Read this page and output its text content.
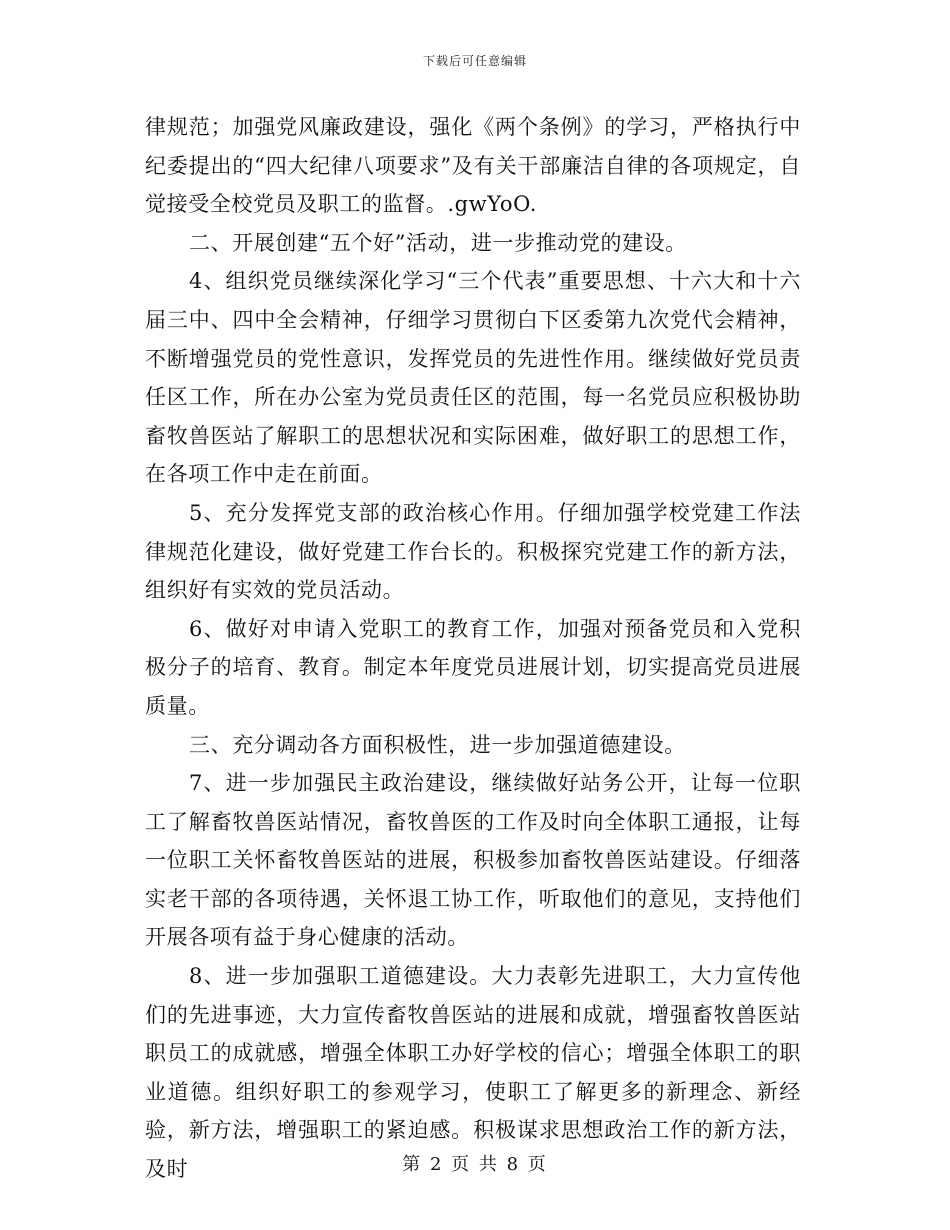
下载后可任意编辑

律规范；加强党风廉政建设，强化《两个条例》的学习，严格执行中纪委提出的“四大纪律八项要求”及有关干部廉洁自律的各项规定，自觉接受全校党员及职工的监督。.gwYoO.

二、开展创建“五个好”活动，进一步推动党的建设。

4、组织党员继续深化学习“三个代表”重要思想、十六大和十六届三中、四中全会精神，仔细学习贯彻白下区委第九次党代会精神，不断增强党员的党性意识，发挥党员的先进性作用。继续做好党员责任区工作，所在办公室为党员责任区的范围，每一名党员应积极协助畜牧兽医站了解职工的思想状况和实际困难，做好职工的思想工作，在各项工作中走在前面。

5、充分发挥党支部的政治核心作用。仔细加强学校党建工作法律规范化建设，做好党建工作台长的。积极探究党建工作的新方法，组织好有实效的党员活动。

6、做好对申请入党职工的教育工作，加强对预备党员和入党积极分子的培育、教育。制定本年度党员进展计划，切实提高党员进展质量。

三、充分调动各方面积极性，进一步加强道德建设。

7、进一步加强民主政治建设，继续做好站务公开，让每一位职工了解畜牧兽医站情况，畜牧兽医的工作及时向全体职工通报，让每一位职工关怀畜牧兽医站的进展，积极参加畜牧兽医站建设。仔细落实老干部的各项待遇，关怀退工协工作，听取他们的意见，支持他们开展各项有益于身心健康的活动。

8、进一步加强职工道德建设。大力表彰先进职工，大力宣传他们的先进事迹，大力宣传畜牧兽医站的进展和成就，增强畜牧兽医站职员工的成就感，增强全体职工办好学校的信心；增强全体职工的职业道德。组织好职工的参观学习，使职工了解更多的新理念、新经验，新方法，增强职工的紧迫感。积极谋求思想政治工作的新方法，及时	第 2 页 共 8 页
